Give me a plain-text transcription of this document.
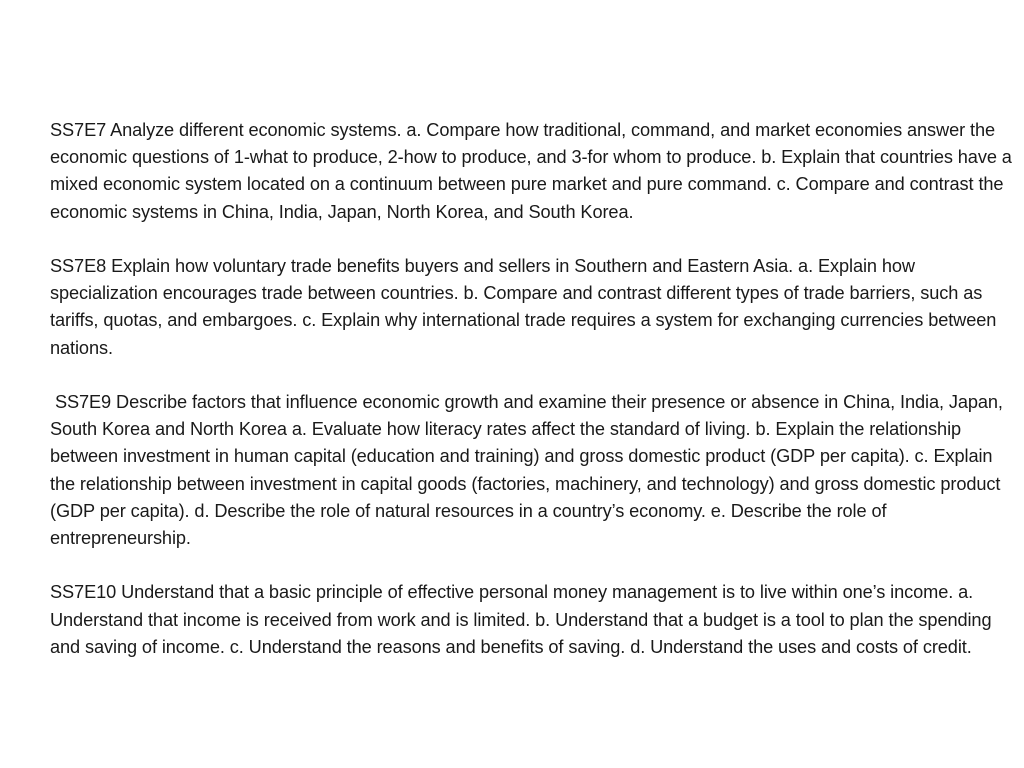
SS7E7 Analyze different economic systems. a. Compare how traditional, command, and market economies answer the economic questions of 1-what to produce, 2-how to produce, and 3-for whom to produce. b. Explain that countries have a mixed economic system located on a continuum between pure market and pure command. c. Compare and contrast the economic systems in China, India, Japan, North Korea, and South Korea.

SS7E8 Explain how voluntary trade benefits buyers and sellers in Southern and Eastern Asia. a. Explain how specialization encourages trade between countries. b. Compare and contrast different types of trade barriers, such as tariffs, quotas, and embargoes. c. Explain why international trade requires a system for exchanging currencies between nations.

SS7E9 Describe factors that influence economic growth and examine their presence or absence in China, India, Japan, South Korea and North Korea a. Evaluate how literacy rates affect the standard of living. b. Explain the relationship between investment in human capital (education and training) and gross domestic product (GDP per capita). c. Explain the relationship between investment in capital goods (factories, machinery, and technology) and gross domestic product (GDP per capita). d. Describe the role of natural resources in a country’s economy. e. Describe the role of entrepreneurship.

SS7E10 Understand that a basic principle of effective personal money management is to live within one’s income. a. Understand that income is received from work and is limited. b. Understand that a budget is a tool to plan the spending and saving of income. c. Understand the reasons and benefits of saving. d. Understand the uses and costs of credit.
